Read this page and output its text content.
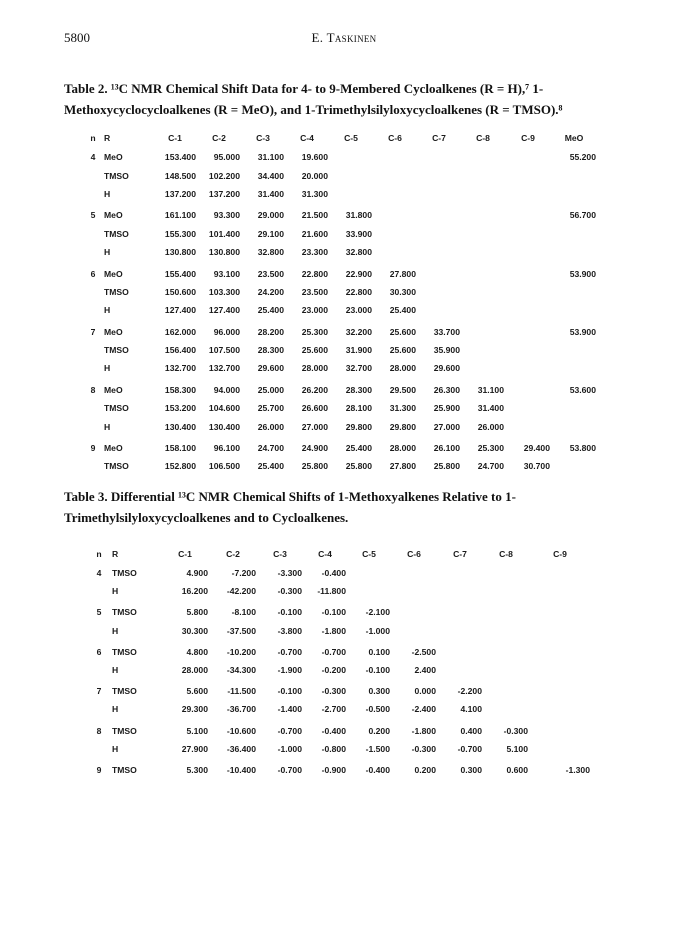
5800	E. Taskinen
Table 2. ¹³C NMR Chemical Shift Data for 4- to 9-Membered Cycloalkenes (R = H),⁷ 1-Methoxycyclocycloalkenes (R = MeO), and 1-Trimethylsilyloxycycloalkenes (R = TMSO).⁸
n	R	C-1	C-2	C-3	C-4	C-5	C-6	C-7	C-8	C-9	MeO
4	MeO	153.400	95.000	31.100	19.600						55.200
	TMSO	148.500	102.200	34.400	20.000						
	H	137.200	137.200	31.400	31.300						
5	MeO	161.100	93.300	29.000	21.500	31.800					56.700
	TMSO	155.300	101.400	29.100	21.600	33.900					
	H	130.800	130.800	32.800	23.300	32.800					
6	MeO	155.400	93.100	23.500	22.800	22.900	27.800				53.900
	TMSO	150.600	103.300	24.200	23.500	22.800	30.300				
	H	127.400	127.400	25.400	23.000	23.000	25.400				
7	MeO	162.000	96.000	28.200	25.300	32.200	25.600	33.700			53.900
	TMSO	156.400	107.500	28.300	25.600	31.900	25.600	35.900			
	H	132.700	132.700	29.600	28.000	32.700	28.000	29.600			
8	MeO	158.300	94.000	25.000	26.200	28.300	29.500	26.300	31.100		53.600
	TMSO	153.200	104.600	25.700	26.600	28.100	31.300	25.900	31.400		
	H	130.400	130.400	26.000	27.000	29.800	29.800	27.000	26.000		
9	MeO	158.100	96.100	24.700	24.900	25.400	28.000	26.100	25.300	29.400	53.800
	TMSO	152.800	106.500	25.400	25.800	25.800	27.800	25.800	24.700	30.700	
Table 3. Differential ¹³C NMR Chemical Shifts of 1-Methoxyalkenes Relative to 1-Trimethylsilyloxycycloalkenes and to Cycloalkenes.
n	R	C-1	C-2	C-3	C-4	C-5	C-6	C-7	C-8	C-9
4	TMSO	4.900	-7.200	-3.300	-0.400					
	H	16.200	-42.200	-0.300	-11.800					
5	TMSO	5.800	-8.100	-0.100	-0.100	-2.100				
	H	30.300	-37.500	-3.800	-1.800	-1.000				
6	TMSO	4.800	-10.200	-0.700	-0.700	0.100	-2.500			
	H	28.000	-34.300	-1.900	-0.200	-0.100	2.400			
7	TMSO	5.600	-11.500	-0.100	-0.300	0.300	0.000	-2.200		
	H	29.300	-36.700	-1.400	-2.700	-0.500	-2.400	4.100		
8	TMSO	5.100	-10.600	-0.700	-0.400	0.200	-1.800	0.400	-0.300	
	H	27.900	-36.400	-1.000	-0.800	-1.500	-0.300	-0.700	5.100	
9	TMSO	5.300	-10.400	-0.700	-0.900	-0.400	0.200	0.300	0.600	-1.300
